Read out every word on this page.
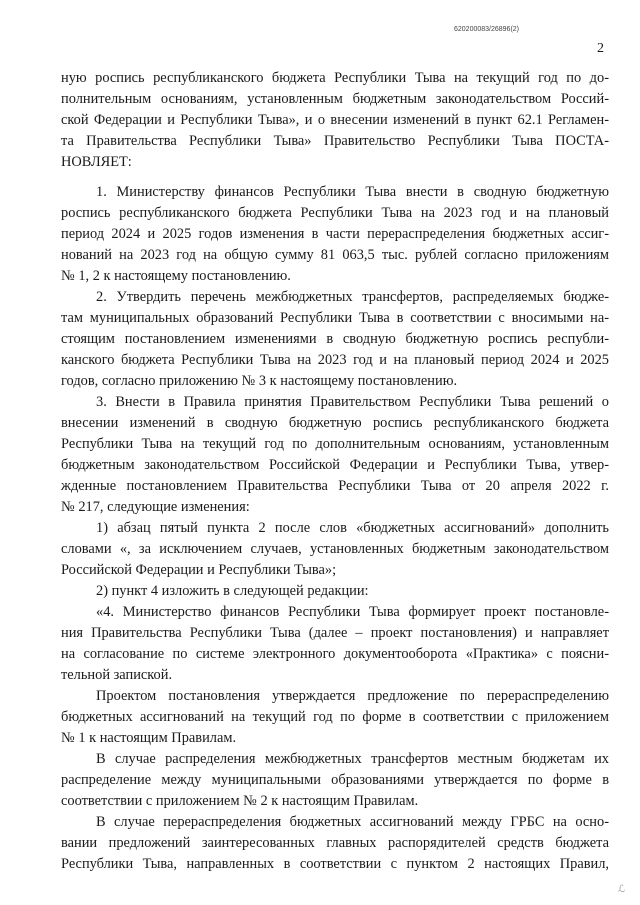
620200083/26896(2)
2
ную роспись республиканского бюджета Республики Тыва на текущий год по до-
полнительным основаниям, установленным бюджетным законодательством Россий-
ской Федерации и Республики Тыва», и о внесении изменений в пункт 62.1 Регламен-
та Правительства Республики Тыва» Правительство Республики Тыва ПОСТА-
НОВЛЯЕТ:
1. Министерству финансов Республики Тыва внести в сводную бюджетную
роспись республиканского бюджета Республики Тыва на 2023 год и на плановый
период 2024 и 2025 годов изменения в части перераспределения бюджетных ассиг-
нований на 2023 год на общую сумму 81 063,5 тыс. рублей согласно приложениям
№ 1, 2 к настоящему постановлению.
2. Утвердить перечень межбюджетных трансфертов, распределяемых бюдже-
там муниципальных образований Республики Тыва в соответствии с вносимыми на-
стоящим постановлением изменениями в сводную бюджетную роспись республи-
канского бюджета Республики Тыва на 2023 год и на плановый период 2024 и 2025
годов, согласно приложению № 3 к настоящему постановлению.
3. Внести в Правила принятия Правительством Республики Тыва решений о
внесении изменений в сводную бюджетную роспись республиканского бюджета
Республики Тыва на текущий год по дополнительным основаниям, установленным
бюджетным законодательством Российской Федерации и Республики Тыва, утвер-
жденные постановлением Правительства Республики Тыва от 20 апреля 2022 г.
№ 217, следующие изменения:
1) абзац пятый пункта 2 после слов «бюджетных ассигнований» дополнить
словами «, за исключением случаев, установленных бюджетным законодательством
Российской Федерации и Республики Тыва»;
2) пункт 4 изложить в следующей редакции:
«4. Министерство финансов Республики Тыва формирует проект постановле-
ния Правительства Республики Тыва (далее – проект постановления) и направляет
на согласование по системе электронного документооборота «Практика» с поясни-
тельной запиской.
Проектом постановления утверждается предложение по перераспределению
бюджетных ассигнований на текущий год по форме в соответствии с приложением
№ 1 к настоящим Правилам.
В случае распределения межбюджетных трансфертов местным бюджетам их
распределение между муниципальными образованиями утверждается по форме в
соответствии с приложением № 2 к настоящим Правилам.
В случае перераспределения бюджетных ассигнований между ГРБС на осно-
вании предложений заинтересованных главных распорядителей средств бюджета
Республики Тыва, направленных в соответствии с пунктом 2 настоящих Правил,
ℒ
